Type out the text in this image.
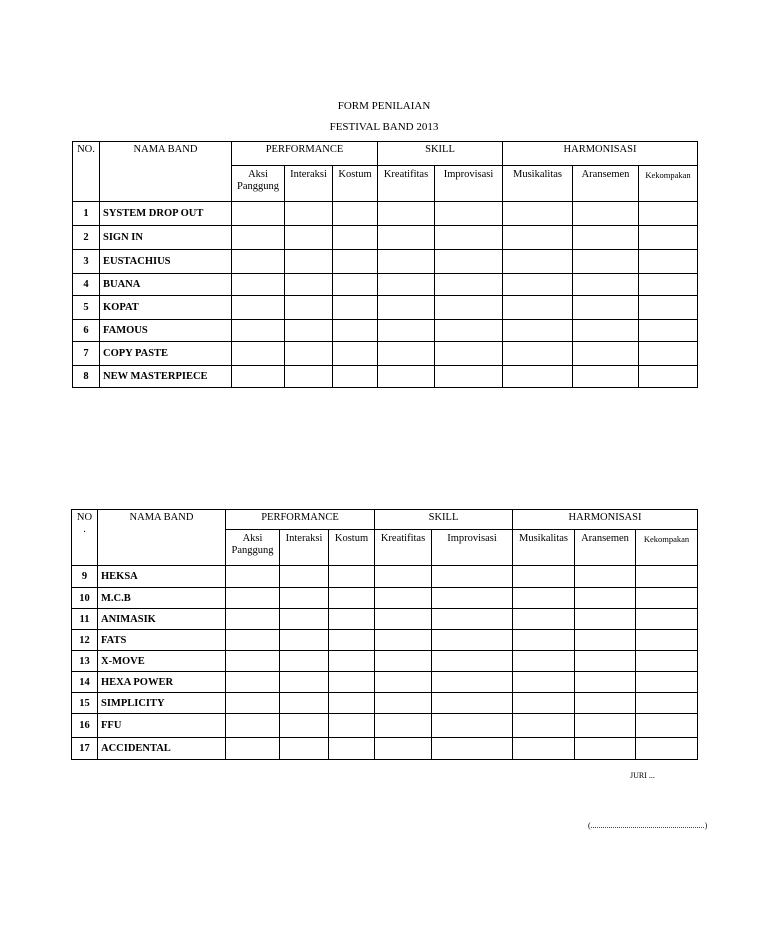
FORM PENILAIAN
FESTIVAL BAND 2013
NO.	NAMA BAND	PERFORMANCE			SKILL		HARMONISASI		
		Aksi Panggung	Interaksi	Kostum	Kreatifitas	Improvisasi	Musikalitas	Aransemen	Kekompakan
1	SYSTEM DROP OUT								
2	SIGN IN								
3	EUSTACHIUS								
4	BUANA								
5	KOPAT								
6	FAMOUS								
7	COPY PASTE								
8	NEW MASTERPIECE								
NO
.	NAMA BAND	PERFORMANCE			SKILL		HARMONISASI		
		Aksi Panggung	Interaksi	Kostum	Kreatifitas	Improvisasi	Musikalitas	Aransemen	Kekompakan
9	HEKSA								
10	M.C.B								
11	ANIMASIK								
12	FATS								
13	X-MOVE								
14	HEXA POWER								
15	SIMPLICITY								
16	FFU								
17	ACCIDENTAL								
JURI ...
(.........................................................)
